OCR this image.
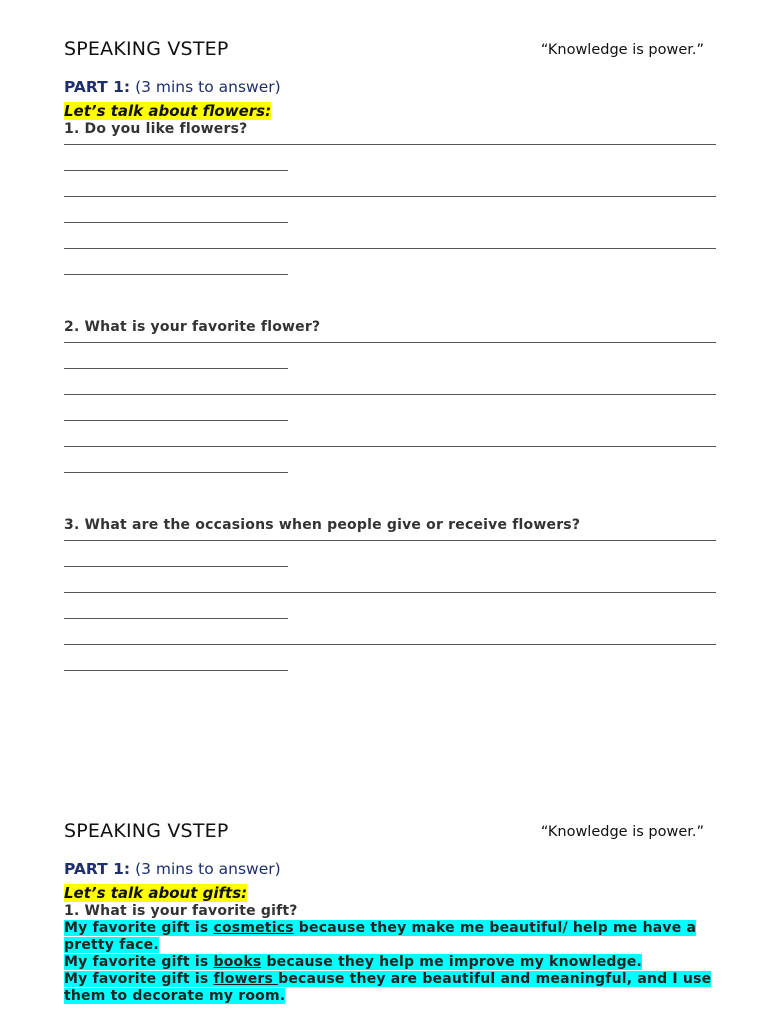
SPEAKING VSTEP	“Knowledge is power.”
PART 1: (3 mins to answer)
Let’s talk about flowers:
1. Do you like flowers?
2. What is your favorite flower?
3. What are the occasions when people give or receive flowers?
SPEAKING VSTEP	“Knowledge is power.”
PART 1: (3 mins to answer)
Let’s talk about gifts:
1. What is your favorite gift?
My favorite gift is cosmetics because they make me beautiful/ help me have a pretty face.
My favorite gift is books because they help me improve my knowledge.
My favorite gift is flowers because they are beautiful and meaningful, and I use them to decorate my room.
